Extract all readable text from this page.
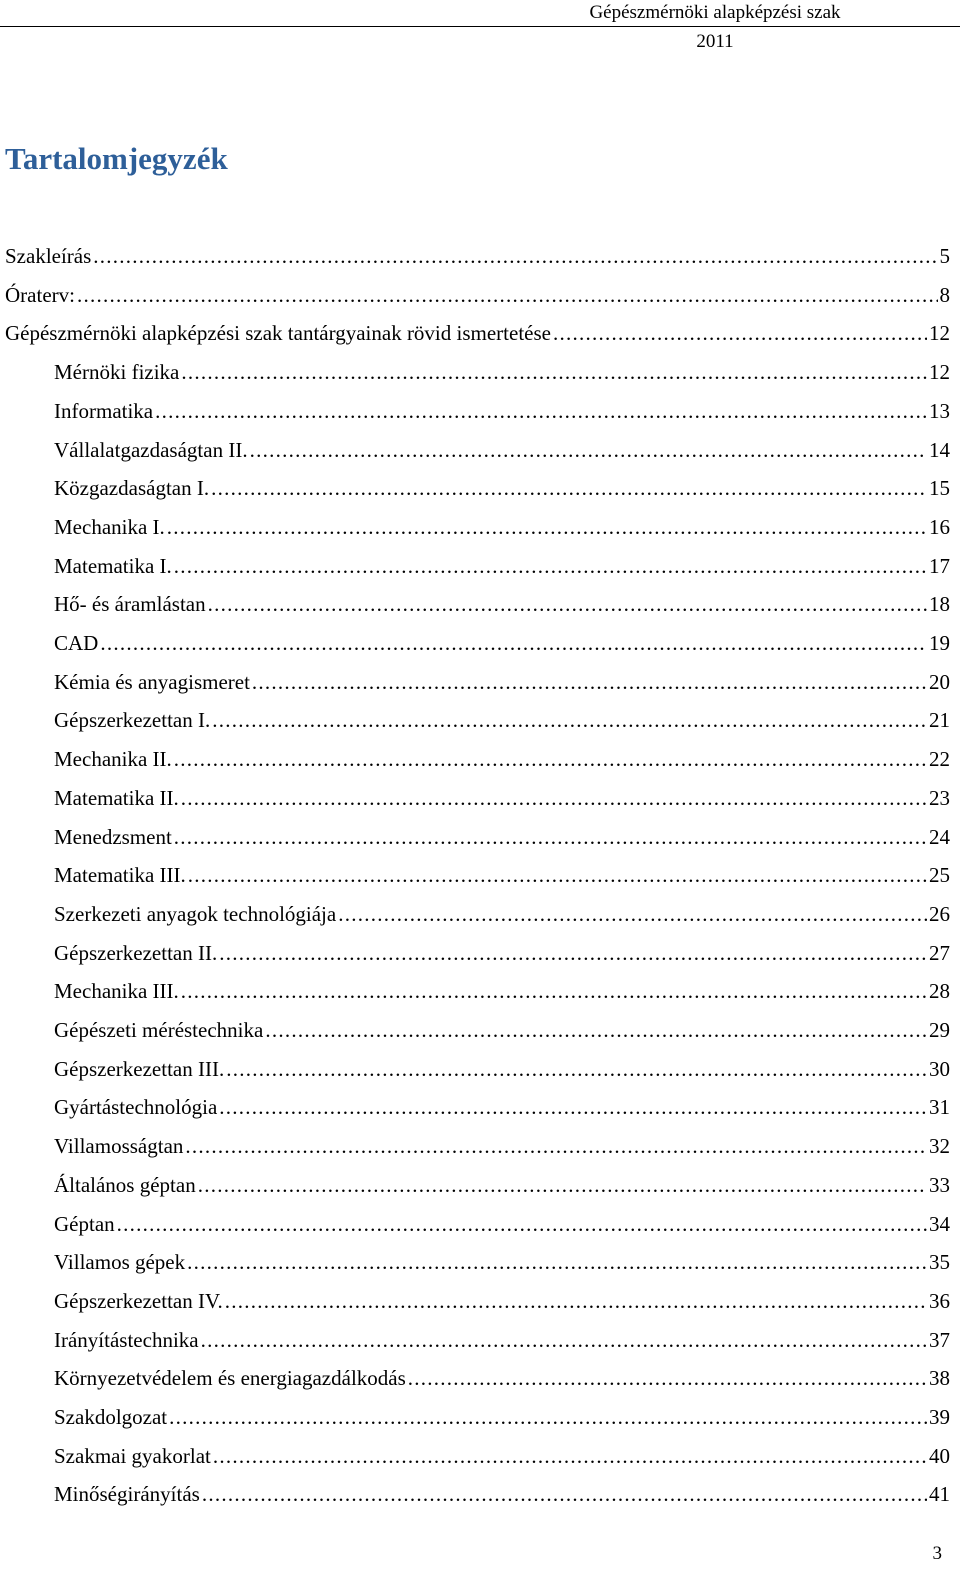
Gépészmérnöki alapképzési szak
2011
Tartalomjegyzék
Szakleírás . . .	5
Óraterv: . . .	8
Gépészmérnöki alapképzési szak tantárgyainak rövid ismertetése . . .	12
Mérnöki fizika . . .	12
Informatika . . .	13
Vállalatgazdaságtan II. . . .	14
Közgazdaságtan I. . . .	15
Mechanika I. . . .	16
Matematika I. . . .	17
Hő- és áramlástan . . .	18
CAD . . .	19
Kémia és anyagismeret . . .	20
Gépszerkezettan I. . . .	21
Mechanika II. . . .	22
Matematika II. . . .	23
Menedzsment . . .	24
Matematika III. . . .	25
Szerkezeti anyagok technológiája . . .	26
Gépszerkezettan II. . . .	27
Mechanika III. . . .	28
Gépészeti méréstechnika . . .	29
Gépszerkezettan III. . . .	30
Gyártástechnológia . . .	31
Villamosságtan . . .	32
Általános géptan . . .	33
Géptan . . .	34
Villamos gépek . . .	35
Gépszerkezettan IV. . . .	36
Irányítástechnika . . .	37
Környezetvédelem és energiagazdálkodás . . .	38
Szakdolgozat . . .	39
Szakmai gyakorlat . . .	40
Minőségirányítás . . .	41
3
